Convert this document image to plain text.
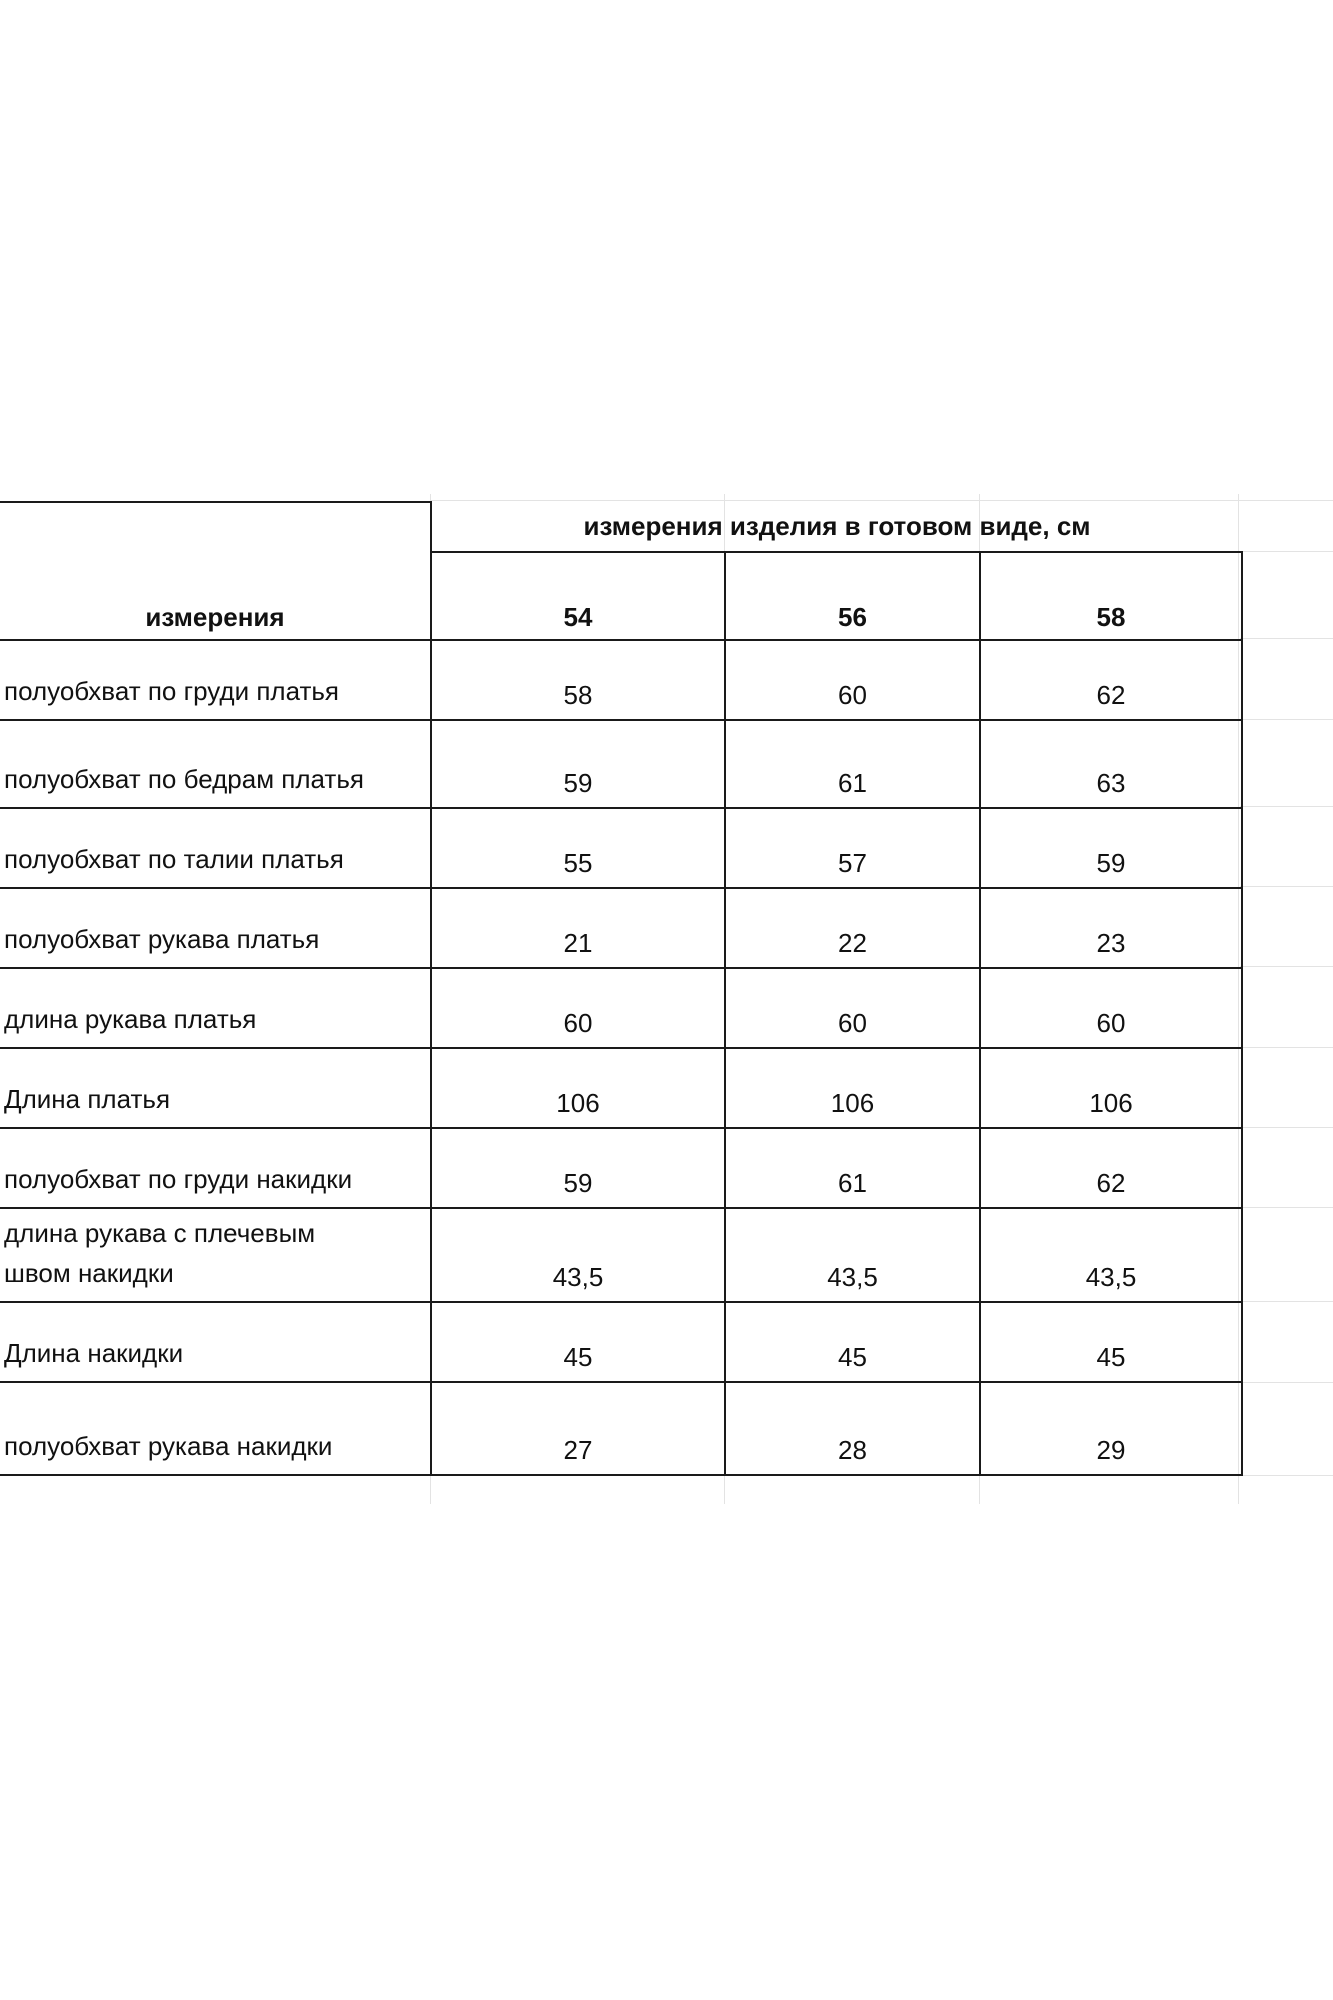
измерения	измерения изделия в готовом виде, см		
	54	56	58
полуобхват по груди платья	58	60	62
полуобхват по бедрам платья	59	61	63
полуобхват по талии платья	55	57	59
полуобхват рукава платья	21	22	23
длина рукава платья	60	60	60
Длина платья	106	106	106
полуобхват по груди накидки	59	61	62

длина рукава с плечевым швом накидки	43,5	43,5	43,5
Длина накидки	45	45	45
полуобхват рукава накидки	27	28	29
